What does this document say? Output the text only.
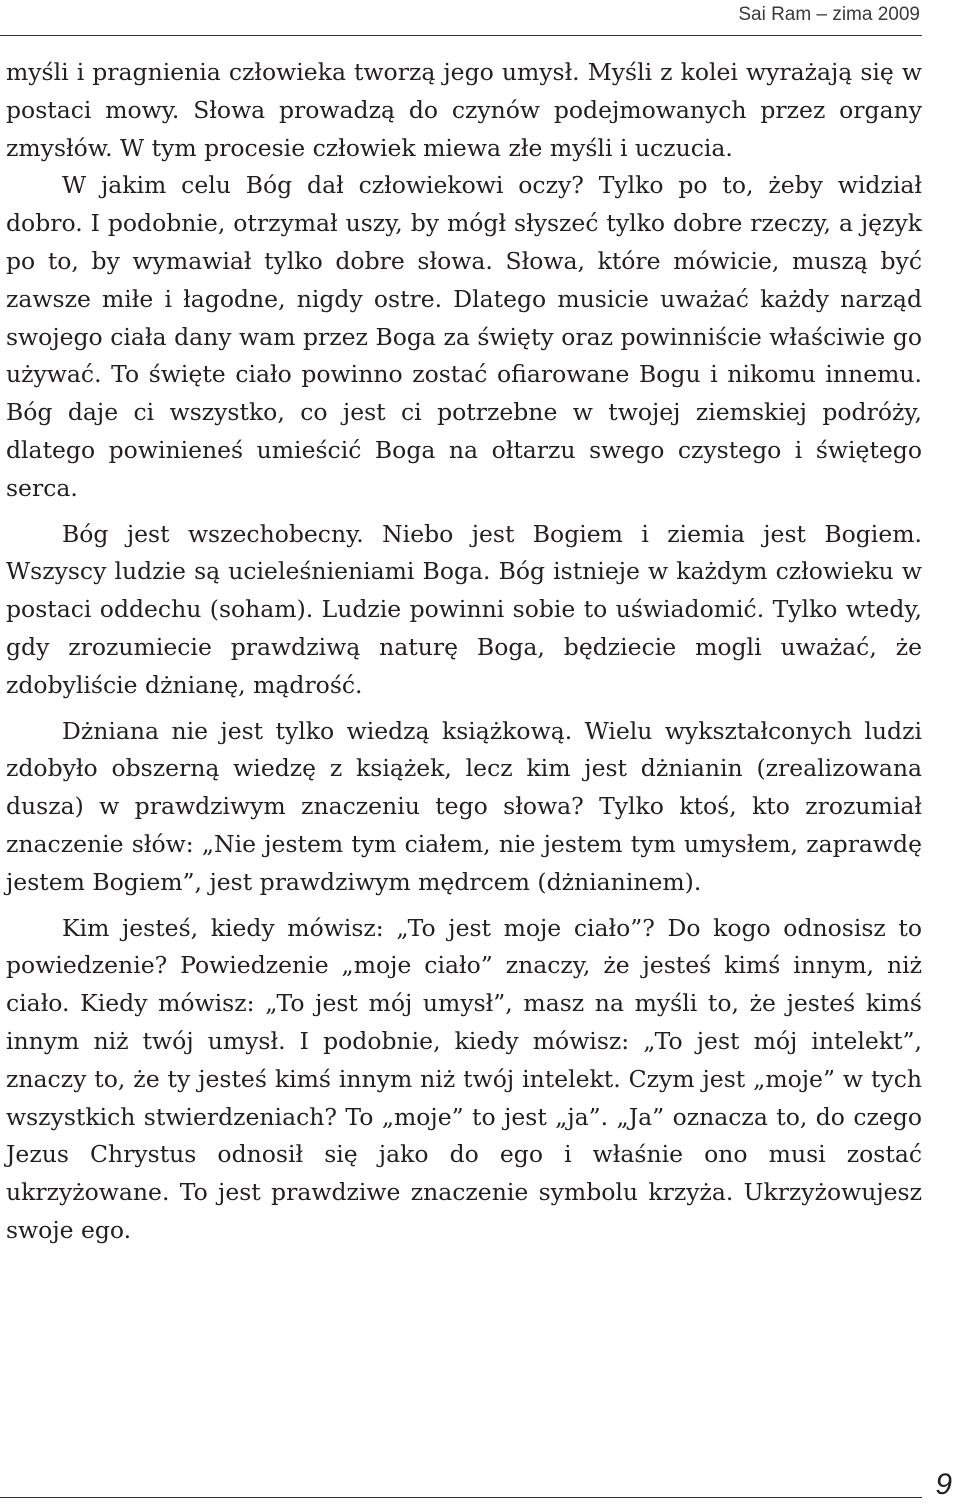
Sai Ram – zima 2009

myśli i pragnienia człowieka tworzą jego umysł. Myśli z kolei wyrażają się w postaci mowy. Słowa prowadzą do czynów podejmowanych przez organy zmysłów. W tym procesie człowiek miewa złe myśli i uczucia.

W jakim celu Bóg dał człowiekowi oczy? Tylko po to, żeby widział dobro. I podobnie, otrzymał uszy, by mógł słyszeć tylko dobre rzeczy, a język po to, by wymawiał tylko dobre słowa. Słowa, które mówicie, muszą być zawsze miłe i łagodne, nigdy ostre. Dlatego musicie uważać każdy narząd swojego ciała dany wam przez Boga za święty oraz powinniście właściwie go używać. To święte ciało powinno zostać ofiarowane Bogu i nikomu innemu. Bóg daje ci wszystko, co jest ci potrzebne w twojej ziemskiej podróży, dlatego powinieneś umieścić Boga na ołtarzu swego czystego i świętego serca.

Bóg jest wszechobecny. Niebo jest Bogiem i ziemia jest Bogiem. Wszyscy ludzie są ucieleśnieniami Boga. Bóg istnieje w każdym człowieku w postaci oddechu (soham). Ludzie powinni sobie to uświadomić. Tylko wtedy, gdy zrozumiecie prawdziwą naturę Boga, będziecie mogli uważać, że zdobyliście dżnianę, mądrość.

Dżniana nie jest tylko wiedzą książkową. Wielu wykształconych ludzi zdobyło obszerną wiedzę z książek, lecz kim jest dżnianin (zrealizowana dusza) w prawdziwym znaczeniu tego słowa? Tylko ktoś, kto zrozumiał znaczenie słów: „Nie jestem tym ciałem, nie jestem tym umysłem, zaprawdę jestem Bogiem”, jest prawdziwym mędrcem (dżnianinem).

Kim jesteś, kiedy mówisz: „To jest moje ciało”? Do kogo odnosisz to powiedzenie? Powiedzenie „moje ciało” znaczy, że jesteś kimś innym, niż ciało. Kiedy mówisz: „To jest mój umysł”, masz na myśli to, że jesteś kimś innym niż twój umysł. I podobnie, kiedy mówisz: „To jest mój intelekt”, znaczy to, że ty jesteś kimś innym niż twój intelekt. Czym jest „moje” w tych wszystkich stwierdzeniach? To „moje” to jest „ja”. „Ja” oznacza to, do czego Jezus Chrystus odnosił się jako do ego i właśnie ono musi zostać ukrzyżowane. To jest prawdziwe znaczenie symbolu krzyża. Ukrzyżowujesz swoje ego.

9
